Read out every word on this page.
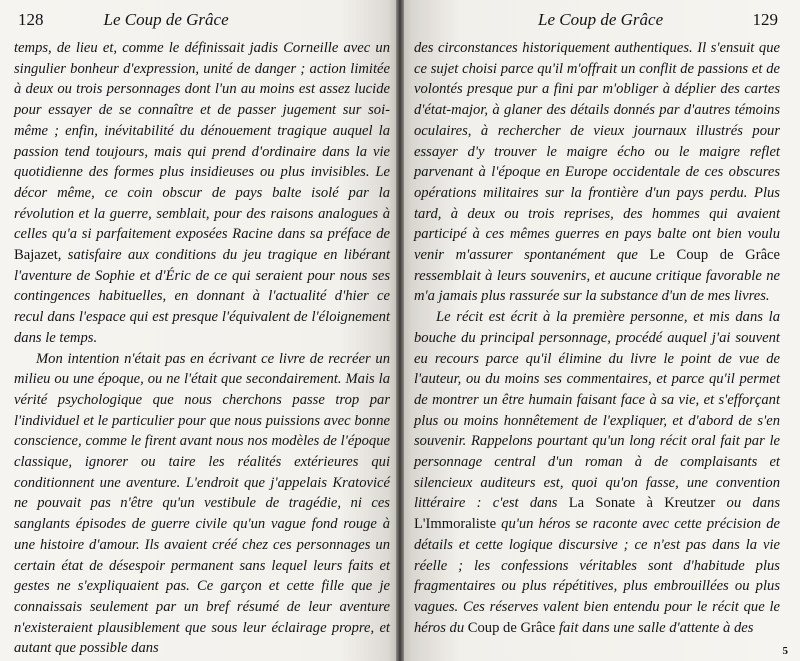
128	Le Coup de Grâce

temps, de lieu et, comme le définissait jadis Corneille avec un singulier bonheur d'expression, unité de danger ; action limitée à deux ou trois personnages dont l'un au moins est assez lucide pour essayer de se connaître et de passer jugement sur soi-même ; enfin, inévitabilité du dénouement tragique auquel la passion tend toujours, mais qui prend d'ordinaire dans la vie quotidienne des formes plus insidieuses ou plus invisibles. Le décor même, ce coin obscur de pays balte isolé par la révolution et la guerre, semblait, pour des raisons analogues à celles qu'a si parfaitement exposées Racine dans sa préface de Bajazet, satisfaire aux conditions du jeu tragique en libérant l'aventure de Sophie et d'Éric de ce qui seraient pour nous ses contingences habituelles, en donnant à l'actualité d'hier ce recul dans l'espace qui est presque l'équivalent de l'éloignement dans le temps.

Mon intention n'était pas en écrivant ce livre de recréer un milieu ou une époque, ou ne l'était que secondairement. Mais la vérité psychologique que nous cherchons passe trop par l'individuel et le particulier pour que nous puissions avec bonne conscience, comme le firent avant nous nos modèles de l'époque classique, ignorer ou taire les réalités extérieures qui conditionnent une aventure. L'endroit que j'appelais Kratovicé ne pouvait pas n'être qu'un vestibule de tragédie, ni ces sanglants épisodes de guerre civile qu'un vague fond rouge à une histoire d'amour. Ils avaient créé chez ces personnages un certain état de désespoir permanent sans lequel leurs faits et gestes ne s'expliquaient pas. Ce garçon et cette fille que je connaissais seulement par un bref résumé de leur aventure n'existeraient plausiblement que sous leur éclairage propre, et autant que possible dans

Le Coup de Grâce	129

des circonstances historiquement authentiques. Il s'ensuit que ce sujet choisi parce qu'il m'offrait un conflit de passions et de volontés presque pur a fini par m'obliger à déplier des cartes d'état-major, à glaner des détails donnés par d'autres témoins oculaires, à rechercher de vieux journaux illustrés pour essayer d'y trouver le maigre écho ou le maigre reflet parvenant à l'époque en Europe occidentale de ces obscures opérations militaires sur la frontière d'un pays perdu. Plus tard, à deux ou trois reprises, des hommes qui avaient participé à ces mêmes guerres en pays balte ont bien voulu venir m'assurer spontanément que Le Coup de Grâce ressemblait à leurs souvenirs, et aucune critique favorable ne m'a jamais plus rassurée sur la substance d'un de mes livres.

Le récit est écrit à la première personne, et mis dans la bouche du principal personnage, procédé auquel j'ai souvent eu recours parce qu'il élimine du livre le point de vue de l'auteur, ou du moins ses commentaires, et parce qu'il permet de montrer un être humain faisant face à sa vie, et s'efforçant plus ou moins honnêtement de l'expliquer, et d'abord de s'en souvenir. Rappelons pourtant qu'un long récit oral fait par le personnage central d'un roman à de complaisants et silencieux auditeurs est, quoi qu'on fasse, une convention littéraire : c'est dans La Sonate à Kreutzer ou dans L'Immoraliste qu'un héros se raconte avec cette précision de détails et cette logique discursive ; ce n'est pas dans la vie réelle ; les confessions véritables sont d'habitude plus fragmentaires ou plus répétitives, plus embrouillées ou plus vagues. Ces réserves valent bien entendu pour le récit que le héros du Coup de Grâce fait dans une salle d'attente à des

5
